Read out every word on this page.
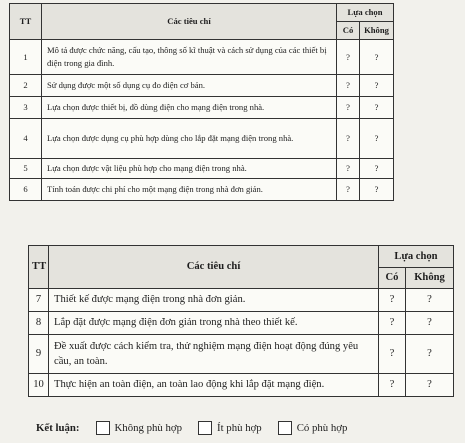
TT	Các tiêu chí	Lựa chọn	
		Có	Không
1	Mô tả được chức năng, cấu tạo, thông số kĩ thuật và cách sử dụng của các thiết bị điện trong gia đình.	?	?
2	Sử dụng được một số dụng cụ đo điện cơ bản.	?	?
3	Lựa chọn được thiết bị, đồ dùng điện cho mạng điện trong nhà.	?	?
4	Lựa chọn được dụng cụ phù hợp dùng cho lắp đặt mạng điện trong nhà.	?	?
5	Lựa chọn được vật liệu phù hợp cho mạng điện trong nhà.	?	?
6	Tính toán được chi phí cho một mạng điện trong nhà đơn giản.	?	?
TT	Các tiêu chí	Lựa chọn	
		Có	Không
7	Thiết kế được mạng điện trong nhà đơn giản.	?	?
8	Lắp đặt được mạng điện đơn giản trong nhà theo thiết kế.	?	?
9	Đề xuất được cách kiểm tra, thử nghiệm mạng điện hoạt động đúng yêu cầu, an toàn.	?	?
10	Thực hiện an toàn điện, an toàn lao động khi lắp đặt mạng điện.	?	?
Kết luận:	Không phù hợp	Ít phù hợp	Có phù hợp
